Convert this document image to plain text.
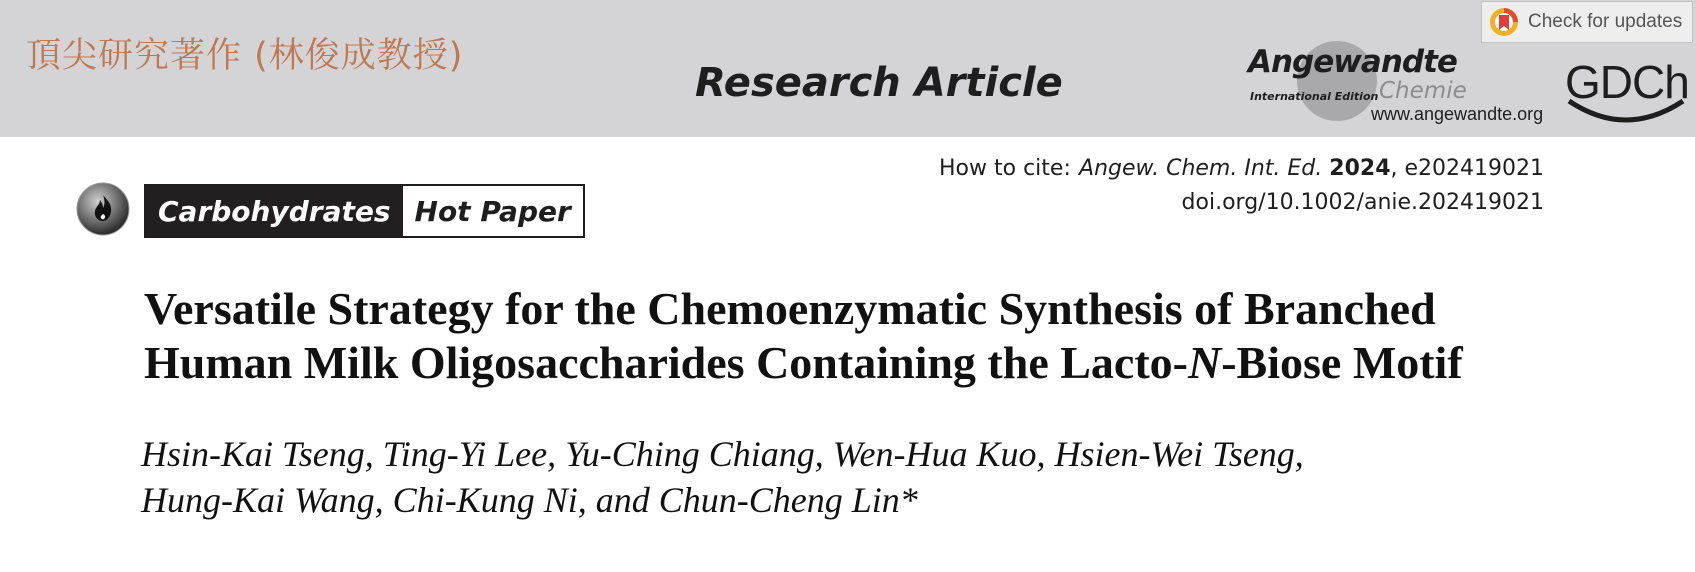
頂尖研究著作 (林俊成教授)
Research Article
Check for updates
Angewandte
International Edition Chemie
www.angewandte.org
GDCh
Carbohydrates Hot Paper
How to cite: Angew. Chem. Int. Ed. 2024, e202419021
doi.org/10.1002/anie.202419021
Versatile Strategy for the Chemoenzymatic Synthesis of Branched
Human Milk Oligosaccharides Containing the Lacto-N-Biose Motif
Hsin-Kai Tseng, Ting-Yi Lee, Yu-Ching Chiang, Wen-Hua Kuo, Hsien-Wei Tseng,
Hung-Kai Wang, Chi-Kung Ni, and Chun-Cheng Lin*
